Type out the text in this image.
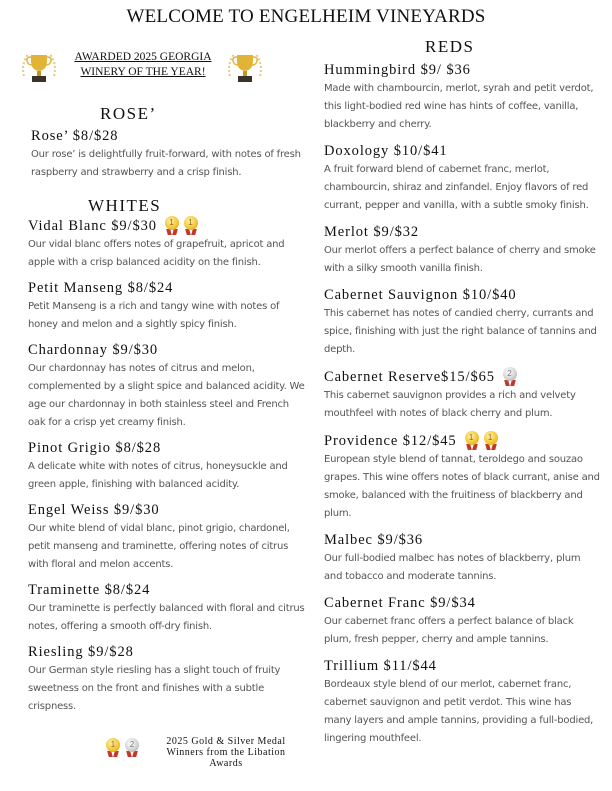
WELCOME TO ENGELHEIM VINEYARDS
AWARDED 2025 GEORGIA
WINERY OF THE YEAR!
ROSE’
Rose’ $8/$28

Our rose’ is delightfully fruit-forward, with notes of fresh raspberry and strawberry and a crisp finish.

WHITES
Vidal Blanc $9/$30	1	1

Our vidal blanc offers notes of grapefruit, apricot and apple with a crisp balanced acidity on the finish.

Petit Manseng $8/$24

Petit Manseng is a rich and tangy wine with notes of honey and melon and a sightly spicy finish.

Chardonnay $9/$30

Our chardonnay has notes of citrus and melon, complemented by a slight spice and balanced acidity. We age our chardonnay in both stainless steel and French oak for a crisp yet creamy finish.

Pinot Grigio $8/$28

A delicate white with notes of citrus, honeysuckle and green apple, finishing with balanced acidity.

Engel Weiss $9/$30

Our white blend of vidal blanc, pinot grigio, chardonel, petit manseng and traminette, offering notes of citrus with floral and melon accents.

Traminette $8/$24

Our traminette is perfectly balanced with floral and citrus notes, offering a smooth off-dry finish.

Riesling $9/$28

Our German style riesling has a slight touch of fruity sweetness on the front and finishes with a subtle crispness.

REDS
Hummingbird $9/ $36

Made with chambourcin, merlot, syrah and petit verdot, this light-bodied red wine has hints of coffee, vanilla, blackberry and cherry.

Doxology $10/$41

A fruit forward blend of cabernet franc, merlot, chambourcin, shiraz and zinfandel. Enjoy flavors of red currant, pepper and vanilla, with a subtle smoky finish.

Merlot $9/$32

Our merlot offers a perfect balance of cherry and smoke with a silky smooth vanilla finish.

Cabernet Sauvignon $10/$40

This cabernet has notes of candied cherry, currants and spice, finishing with just the right balance of tannins and depth.

Cabernet Reserve$15/$65	2

This cabernet sauvignon provides a rich and velvety mouthfeel with notes of black cherry and plum.

Providence $12/$45	1	1

European style blend of tannat, teroldego and souzao grapes. This wine offers notes of black currant, anise and smoke, balanced with the fruitiness of blackberry and plum.

Malbec $9/$36

Our full-bodied malbec has notes of blackberry, plum and tobacco and moderate tannins.

Cabernet Franc $9/$34

Our cabernet franc offers a perfect balance of black plum, fresh pepper, cherry and ample tannins.

Trillium $11/$44

Bordeaux style blend of our merlot, cabernet franc, cabernet sauvignon and petit verdot. This wine has many layers and ample tannins, providing a full-bodied, lingering mouthfeel.

1	2	2025 Gold & Silver Medal
Winners from the Libation
Awards
